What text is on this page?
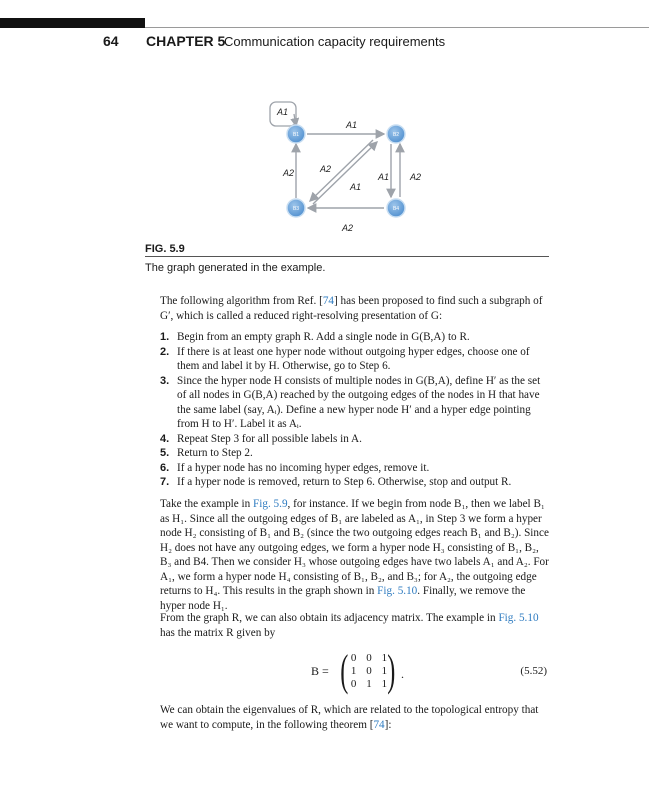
64 CHAPTER 5
Communication capacity requirements
B1	B2
B3	B4
A1
A1
A2	A2
A1
A1 A2
A2
FIG. 5.9
The graph generated in the example.

The following algorithm from Ref. [74] has been proposed to find such a subgraph of G′, which is called a reduced right-resolving presentation of G:

1. Begin from an empty graph R. Add a single node in G(B,A) to R.
2. If there is at least one hyper node without outgoing hyper edges, choose one of them and label it by H. Otherwise, go to Step 6.
3. Since the hyper node H consists of multiple nodes in G(B,A), define H′ as the set of all nodes in G(B,A) reached by the outgoing edges of the nodes in H that have the same label (say, Aᵢ). Define a new hyper node H′ and a hyper edge pointing from H to H′. Label it as Aᵢ.
4. Repeat Step 3 for all possible labels in A.
5. Return to Step 2.
6. If a hyper node has no incoming hyper edges, remove it.
7. If a hyper node is removed, return to Step 6. Otherwise, stop and output R.

Take the example in Fig. 5.9, for instance. If we begin from node B₁, then we label B₁ as H₁. Since all the outgoing edges of B₁ are labeled as A₁, in Step 3 we form a hyper node H₂ consisting of B₁ and B₂ (since the two outgoing edges reach B₁ and B₂). Since H₂ does not have any outgoing edges, we form a hyper node H₃ consisting of B₁, B₂, B₃ and B4. Then we consider H₃ whose outgoing edges have two labels A₁ and A₂. For A₁, we form a hyper node H₄ consisting of B₁, B₂, and B₃; for A₂, the outgoing edge returns to H₄. This results in the graph shown in Fig. 5.10. Finally, we remove the hyper node H₁.

From the graph R, we can also obtain its adjacency matrix. The example in Fig. 5.10 has the matrix R given by

B = ( 0 0 1
1 0 1
0 1 1 ) .	(5.52)

We can obtain the eigenvalues of R, which are related to the topological entropy that we want to compute, in the following theorem [74]:
